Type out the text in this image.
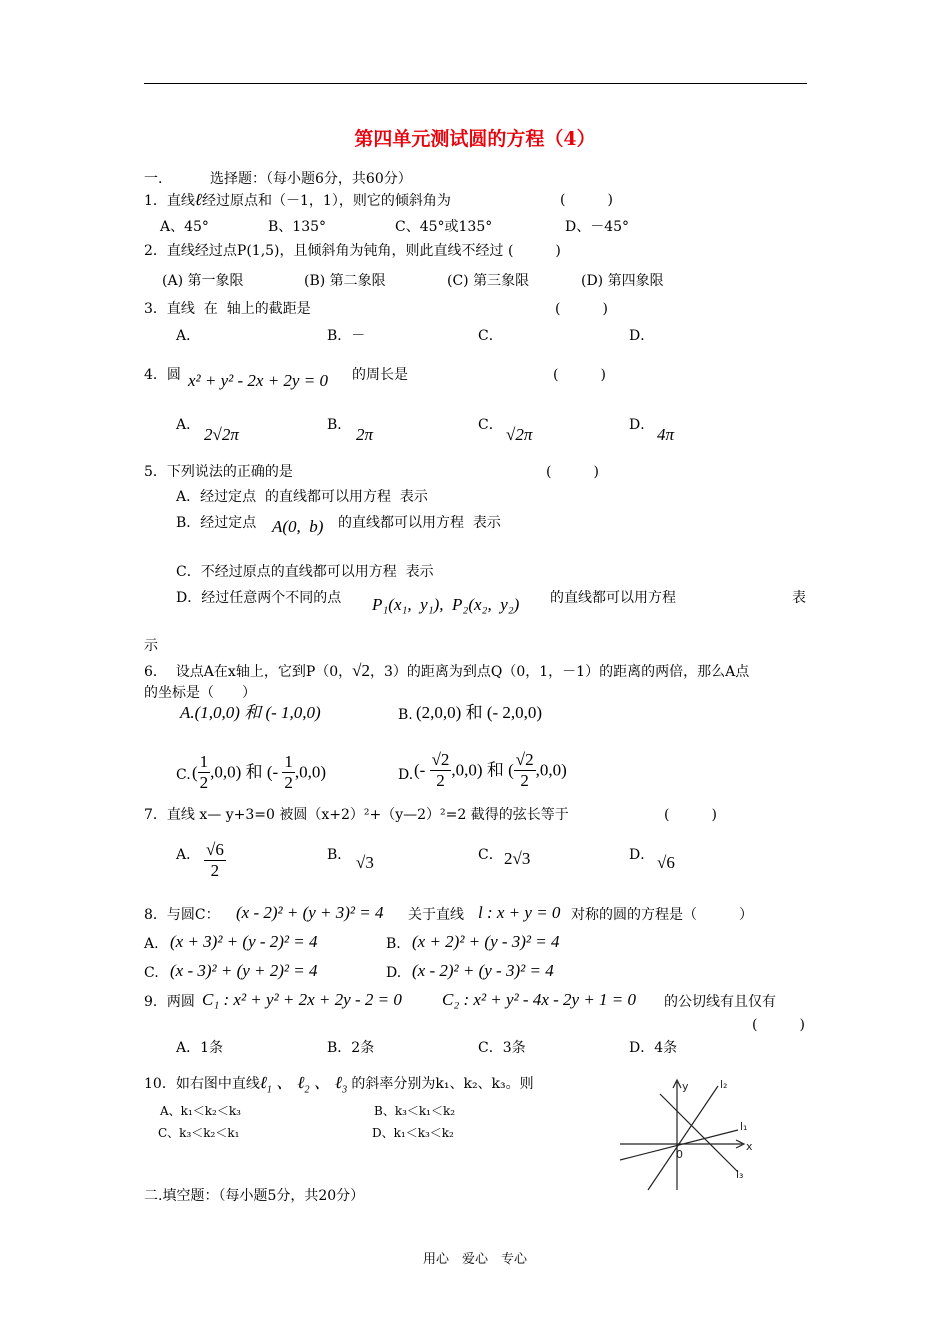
第四单元测试圆的方程（4）
一.	选择题：（每小题6分，共60分）
1．直线ℓ经过原点和（－1，1），则它的倾斜角为	(　　　)
A、45°	B、135°	C、45°或135°	D、－45°
2．直线经过点P(1,5)，且倾斜角为钝角，则此直线不经过 (　　　)
(A) 第一象限	(B) 第二象限	(C) 第三象限	(D) 第四象限
3．直线  在  轴上的截距是	(　　　)
A．	B．－	C．	D．
4．圆 x² + y² - 2x + 2y = 0 的周长是	(　　　)
A． 2√2π	B． 2π	C． √2π	D． 4π
5．下列说法的正确的是	(　　　)
A．经过定点  的直线都可以用方程  表示
B．经过定点 A(0,  b) 的直线都可以用方程  表示
C．不经过原点的直线都可以用方程  表示
D．经过任意两个不同的点 P₁(x₁,  y₁),  P₂(x₂,  y₂) 的直线都可以用方程	表
示
6．  设点A在x轴上，它到P（0，√2，3）的距离为到点Q（0，1，－1）的距离的两倍，那么A点
的坐标是（　　）
A.(1,0,0) 和 (- 1,0,0)	B. (2,0,0) 和 (- 2,0,0)
C. ( $\frac{1}{2} ,0,0$) 和 (- $\frac{1}{2} ,0,0$)	D. (- $\frac{√2}{2} ,0,0$) 和 ( $\frac{√2}{2} ,0,0$)
7．直线 x— y+3=0 被圆（x+2）²+（y—2）²=2 截得的弦长等于	(　　　)
A． $\frac{√6}{2}$	B． √3	C． 2√3	D． √6
8．与圆C： (x - 2)² + (y + 3)² = 4 关于直线 l : x + y = 0 对称的圆的方程是（　　　）
A. (x + 3)² + (y - 2)² = 4	B. (x + 2)² + (y - 3)² = 4
C. (x - 3)² + (y + 2)² = 4	D. (x - 2)² + (y - 3)² = 4
9．两圆 C₁ : x² + y² + 2x + 2y - 2 = 0 C₂ : x² + y² - 4x - 2y + 1 = 0 的公切线有且仅有
(　　　)
A．1条	B．2条	C．3条	D．4条
10．如右图中直线ℓ$_1$ 、 ℓ$_2$ 、 ℓ$_3$ 的斜率分别为k₁、k₂、k₃。则
A、k₁＜k₂＜k₃	B、k₃＜k₁＜k₂
C、k₃＜k₂＜k₁	D、k₁＜k₃＜k₂
y
x
0
l₁
l₂
l₃
二.填空题：（每小题5分，共20分）
用心　爱心　专心
